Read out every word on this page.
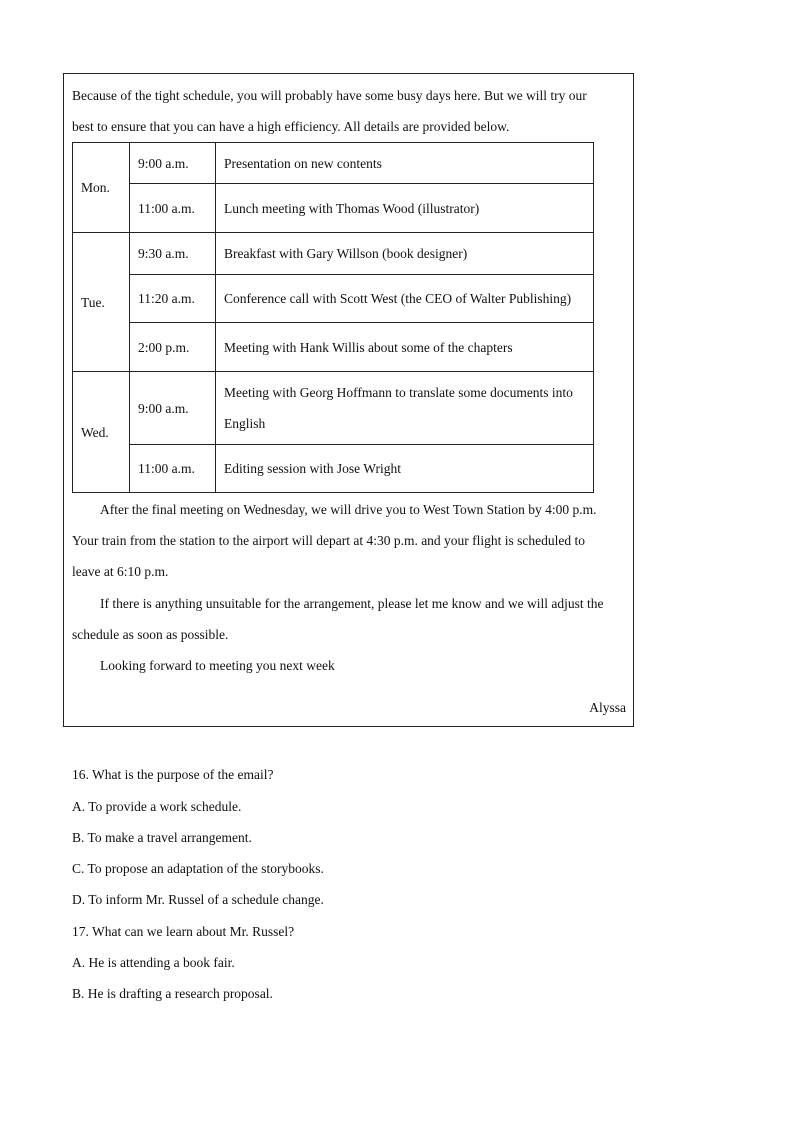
Because of the tight schedule, you will probably have some busy days here. But we will try our
best to ensure that you can have a high efficiency. All details are provided below.
Mon.	9:00 a.m.	Presentation on new contents
	11:00 a.m.	Lunch meeting with Thomas Wood (illustrator)
Tue.	9:30 a.m.	Breakfast with Gary Willson (book designer)
	11:20 a.m.	Conference call with Scott West (the CEO of Walter Publishing)
	2:00 p.m.	Meeting with Hank Willis about some of the chapters
Wed.	9:00 a.m.	Meeting with Georg Hoffmann to translate some documents into
English

	11:00 a.m.	Editing session with Jose Wright
After the final meeting on Wednesday, we will drive you to West Town Station by 4:00 p.m.
Your train from the station to the airport will depart at 4:30 p.m. and your flight is scheduled to
leave at 6:10 p.m.
If there is anything unsuitable for the arrangement, please let me know and we will adjust the
schedule as soon as possible.
Looking forward to meeting you next week
Alyssa
16. What is the purpose of the email?
A. To provide a work schedule.
B. To make a travel arrangement.
C. To propose an adaptation of the storybooks.
D. To inform Mr. Russel of a schedule change.
17. What can we learn about Mr. Russel?
A. He is attending a book fair.
B. He is drafting a research proposal.
